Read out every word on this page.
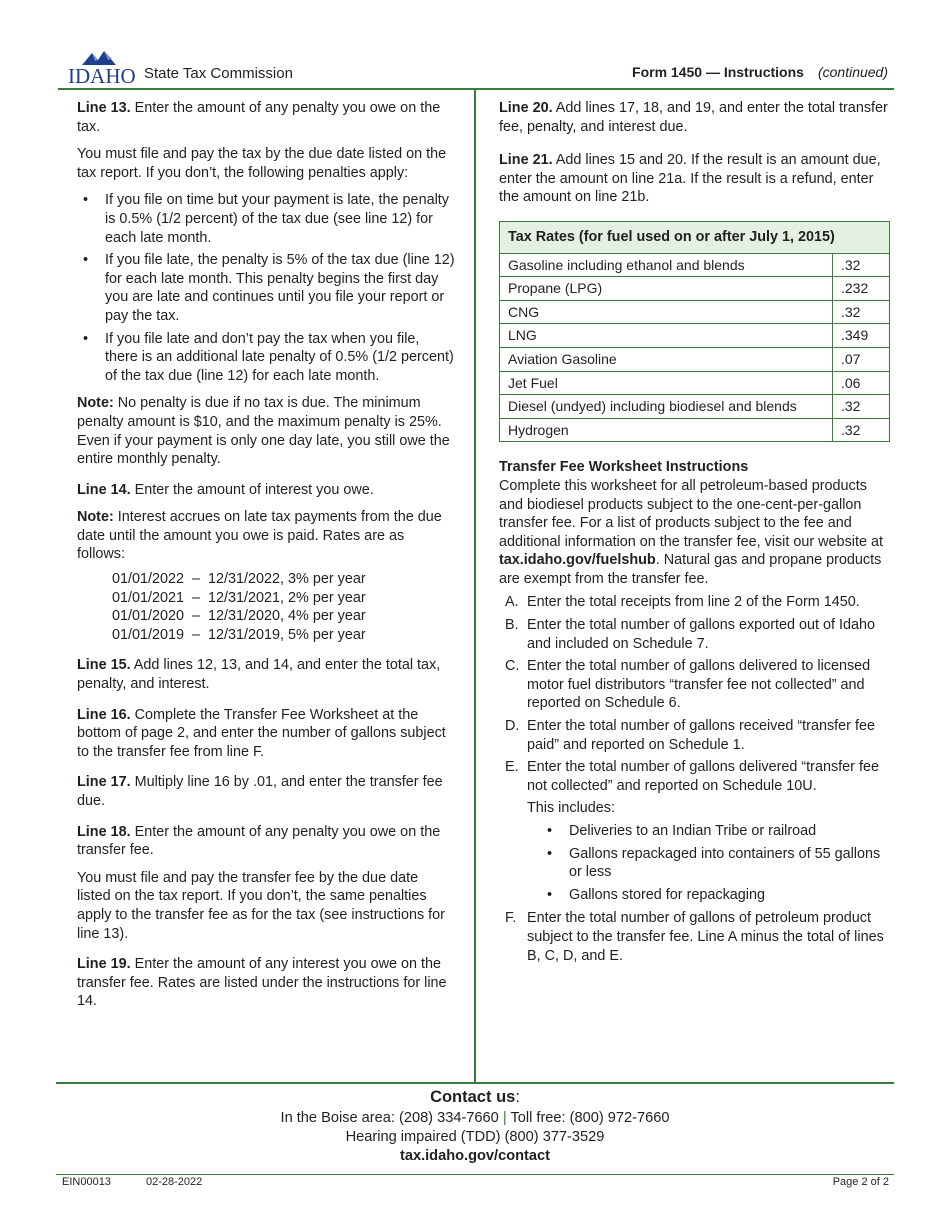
IDAHO State Tax Commission	Form 1450 — Instructions (continued)

Line 13. Enter the amount of any penalty you owe on the tax.

You must file and pay the tax by the due date listed on the tax report. If you don’t, the following penalties apply:

• If you file on time but your payment is late, the penalty is 0.5% (1/2 percent) of the tax due (see line 12) for each late month.
• If you file late, the penalty is 5% of the tax due (line 12) for each late month. This penalty begins the first day you are late and continues until you file your report or pay the tax.
• If you file late and don’t pay the tax when you file, there is an additional late penalty of 0.5% (1/2 percent) of the tax due (line 12) for each late month.

Note: No penalty is due if no tax is due. The minimum penalty amount is $10, and the maximum penalty is 25%. Even if your payment is only one day late, you still owe the entire monthly penalty.

Line 14. Enter the amount of interest you owe.

Note: Interest accrues on late tax payments from the due date until the amount you owe is paid. Rates are as follows:

01/01/2022  –  12/31/2022, 3% per year
01/01/2021  –  12/31/2021, 2% per year
01/01/2020  –  12/31/2020, 4% per year
01/01/2019  –  12/31/2019, 5% per year

Line 15. Add lines 12, 13, and 14, and enter the total tax, penalty, and interest.

Line 16. Complete the Transfer Fee Worksheet at the bottom of page 2, and enter the number of gallons subject to the transfer fee from line F.

Line 17. Multiply line 16 by .01, and enter the transfer fee due.

Line 18. Enter the amount of any penalty you owe on the transfer fee.

You must file and pay the transfer fee by the due date listed on the tax report. If you don’t, the same penalties apply to the transfer fee as for the tax (see instructions for line 13).

Line 19. Enter the amount of any interest you owe on the transfer fee. Rates are listed under the instructions for line 14.

Line 20. Add lines 17, 18, and 19, and enter the total transfer fee, penalty, and interest due.

Line 21. Add lines 15 and 20. If the result is an amount due, enter the amount on line 21a. If the result is a refund, enter the amount on line 21b.

Tax Rates (for fuel used on or after July 1, 2015)	
Gasoline including ethanol and blends	.32
Propane (LPG)	.232
CNG	.32
LNG	.349
Aviation Gasoline	.07
Jet Fuel	.06
Diesel (undyed) including biodiesel and blends	.32
Hydrogen	.32

Transfer Fee Worksheet Instructions
Complete this worksheet for all petroleum-based products and biodiesel products subject to the one-cent-per-gallon transfer fee. For a list of products subject to the fee and additional information on the transfer fee, visit our website at tax.idaho.gov/fuelshub. Natural gas and propane products are exempt from the transfer fee.

A. Enter the total receipts from line 2 of the Form 1450.
B. Enter the total number of gallons exported out of Idaho and included on Schedule 7.
C. Enter the total number of gallons delivered to licensed motor fuel distributors “transfer fee not collected” and reported on Schedule 6.
D. Enter the total number of gallons received “transfer fee paid” and reported on Schedule 1.
E. Enter the total number of gallons delivered “transfer fee not collected” and reported on Schedule 10U.
This includes:
• Deliveries to an Indian Tribe or railroad
• Gallons repackaged into containers of 55 gallons or less
• Gallons stored for repackaging
F. Enter the total number of gallons of petroleum product subject to the transfer fee. Line A minus the total of lines B, C, D, and E.
Contact us:
In the Boise area: (208) 334-7660 | Toll free: (800) 972-7660
Hearing impaired (TDD) (800) 377-3529
tax.idaho.gov/contact
EIN00013	02-28-2022	Page 2 of 2
